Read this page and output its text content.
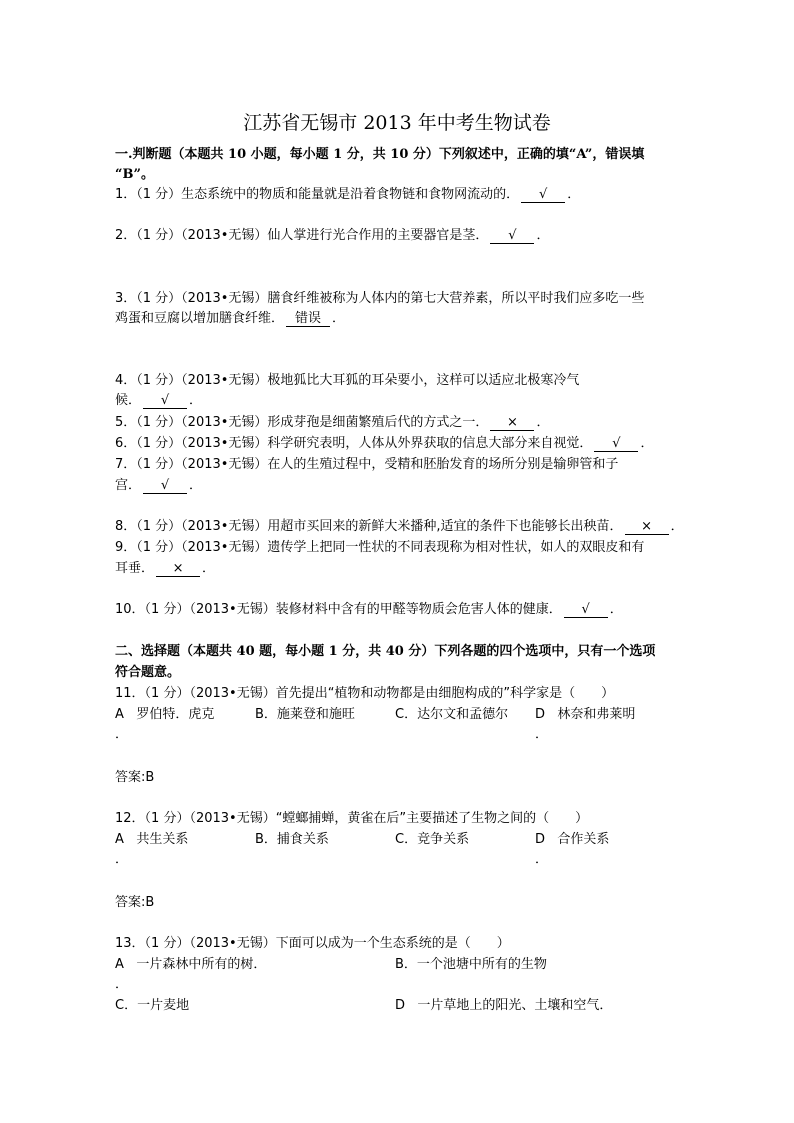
江苏省无锡市 2013 年中考生物试卷
一.判断题（本题共 10 小题，每小题 1 分，共 10 分）下列叙述中，正确的填“A”，错误填
“B”。
1．（1 分）生态系统中的物质和能量就是沿着食物链和食物网流动的． √ ．
2．（1 分）（2013•无锡）仙人掌进行光合作用的主要器官是茎． √ ．
3．（1 分）（2013•无锡）膳食纤维被称为人体内的第七大营养素，所以平时我们应多吃一些
鸡蛋和豆腐以增加膳食纤维． 错误 ．
4．（1 分）（2013•无锡）极地狐比大耳狐的耳朵要小，这样可以适应北极寒冷气
候． √ ．
5．（1 分）（2013•无锡）形成芽孢是细菌繁殖后代的方式之一． × ．
6．（1 分）（2013•无锡）科学研究表明，人体从外界获取的信息大部分来自视觉． √ ．
7．（1 分）（2013•无锡）在人的生殖过程中，受精和胚胎发育的场所分别是输卵管和子
宫． √ ．
8．（1 分）（2013•无锡）用超市买回来的新鲜大米播种,适宜的条件下也能够长出秧苗． × ．
9．（1 分）（2013•无锡）遗传学上把同一性状的不同表现称为相对性状，如人的双眼皮和有
耳垂． × ．
10．（1 分）（2013•无锡）装修材料中含有的甲醛等物质会危害人体的健康． √ ．
二、选择题（本题共 40 题，每小题 1 分，共 40 分）下列各题的四个选项中，只有一个选项
符合题意。
11．（1 分）（2013•无锡）首先提出“植物和动物都是由细胞构成的”科学家是（　　）
A 罗伯特．虎克	B．施莱登和施旺	C．达尔文和孟德尔 D 林奈和弗莱明
．	．
答案:B
12．（1 分）（2013•无锡）“螳螂捕蝉，黄雀在后”主要描述了生物之间的（　　）
A 共生关系	B．捕食关系	C．竞争关系	D 合作关系
．	．
答案:B
13．（1 分）（2013•无锡）下面可以成为一个生态系统的是（　　）
A 一片森林中所有的树．	B．一个池塘中所有的生物
．
C．一片麦地	D 一片草地上的阳光、土壤和空气．
